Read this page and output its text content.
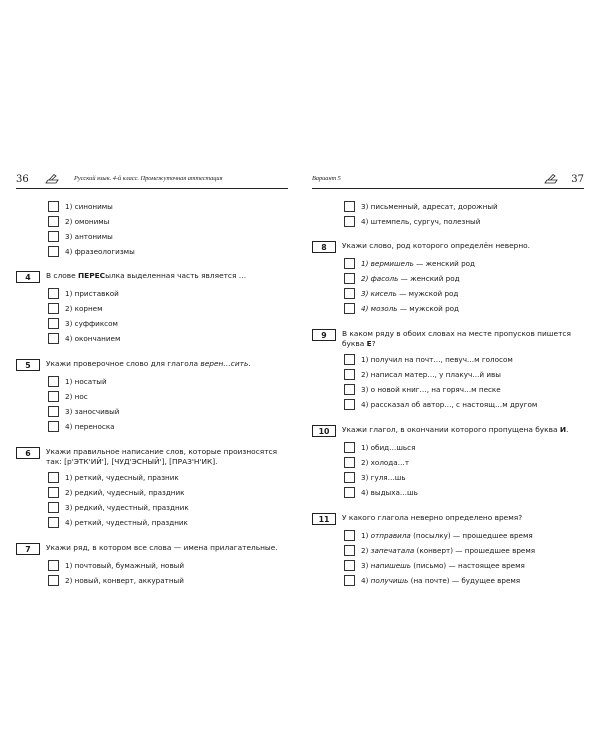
36	Русский язык. 4-й класс. Промежуточная аттестация
1) синонимы
2) омонимы
3) антонимы
4) фразеологизмы
4	В слове ПЕРЕСылка выделенная часть является …
1) приставкой
2) корнем
3) суффиксом
4) окончанием
5	Укажи проверочное слово для глагола верен…сить.
1) носатый
2) нос
3) заносчивый
4) переноска
6	Укажи правильное написание слов, которые произносятся
так: [р'ЭТК'ИЙ'], [ЧУД'ЭСНЫЙ'], [ПРАЗ'Н'ИК].
1) реткий, чудесный, празник
2) редкий, чудесный, праздник
3) редкий, чудестный, праздник
4) реткий, чудестный, праздник
7	Укажи ряд, в котором все слова — имена прилагательные.
1) почтовый, бумажный, новый
2) новый, конверт, аккуратный
Вариант 5	37
3) письменный, адресат, дорожный
4) штемпель, сургуч, полезный
8	Укажи слово, род которого определён неверно.
1) вермишель — женский род
2) фасоль — женский род
3) кисель — мужской род
4) мозоль — мужской род
9	В каком ряду в обоих словах на месте пропусков пишется
буква Е?
1) получил на почт…, певуч…м голосом
2) написал матер…, у плакуч…й ивы
3) о новой книг…, на горяч…м песке
4) рассказал об автор…, с настоящ…м другом
10	Укажи глагол, в окончании которого пропущена буква И.
1) обид…шься
2) холода…т
3) гуля…шь
4) выдыха…шь
11	У какого глагола неверно определено время?
1) отправила (посылку) — прошедшее время
2) запечатала (конверт) — прошедшее время
3) напишешь (письмо) — настоящее время
4) получишь (на почте) — будущее время
